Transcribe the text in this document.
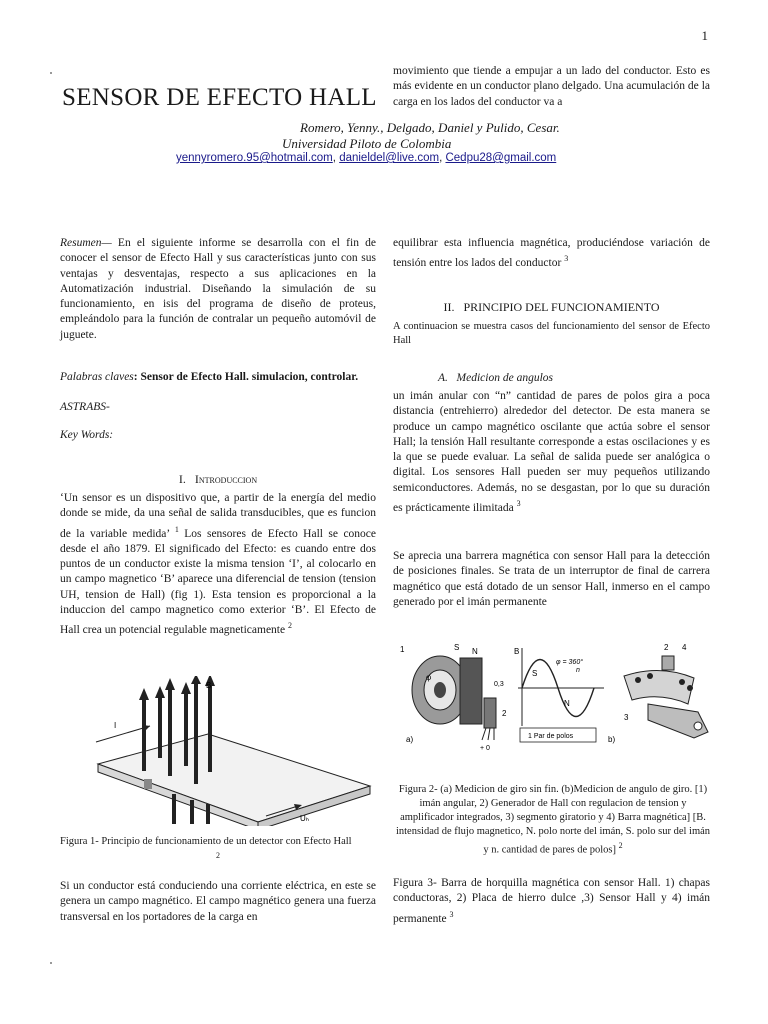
1
SENSOR DE EFECTO HALL
Romero, Yenny., Delgado, Daniel y Pulido, Cesar.
Universidad Piloto de Colombia
yennyromero.95@hotmail.com, danieldel@live.com, Cedpu28@gmail.com

movimiento que tiende a empujar a un lado del conductor. Esto es más evidente en un conductor plano delgado. Una acumulación de la carga en los lados del conductor va a

Resumen— En el siguiente informe se desarrolla con el fin de conocer el sensor de Efecto Hall y sus características junto con sus ventajas y desventajas, respecto a sus aplicaciones en la Automatización industrial. Diseñando la simulación de su funcionamiento, en isis del programa de diseño de proteus, empleándolo para la función de contralar un pequeño automóvil de juguete.

Palabras claves: Sensor de Efecto Hall. simulacion, controlar.

ASTRABS-

Key Words:

I. Introduccion

‘Un sensor es un dispositivo que, a partir de la energía del medio donde se mide, da una señal de salida transducibles, que es funcion de la variable medida’ $^1$ Los sensores de Efecto Hall se conoce desde el año 1879. El significado del Efecto: es cuando entre dos puntos de un conductor existe la misma tension ‘I’, al colocarlo en un campo magnetico ‘B’ aparece una diferencial de tension (tension UH, tension de Hall) (fig 1). Esta tension es proporcional a la induccion del campo magnetico como exterior ‘B’. El Efecto de Hall crea un potencial regulable magneticamente $^2$

I
B
Uₕ
Figura 1- Principio de funcionamiento de un detector con Efecto Hall
$^2$

Si un conductor está conduciendo una corriente eléctrica, en este se genera un campo magnético. El campo magnético genera una fuerza transversal en los portadores de la carga en

equilibrar esta influencia magnética, produciéndose variación de tensión entre los lados del conductor $^3$

II. PRINCIPIO DEL FUNCIONAMIENTO

A continuacion se muestra casos del funcionamiento del sensor de Efecto Hall

A. Medicion de angulos

un imán anular con “n” cantidad de pares de polos gira a poca distancia (entrehierro) alrededor del detector. De esta manera se produce un campo magnético oscilante que actúa sobre el sensor Hall; la tensión Hall resultante corresponde a estas oscilaciones y es la que se puede evaluar. La señal de salida puede ser analógica o digital. Los sensores Hall pueden ser muy pequeños utilizando semiconductores. Además, no se desgastan, por lo que su duración es prácticamente ilimitada $^3$

Se aprecia una barrera magnética con sensor Hall para la detección de posiciones finales. Se trata de un interruptor de final de carrera magnético que está dotado de un sensor Hall, inmerso en el campo generado por el imán permanente

1	S N
φ
0,3
2
+ 0
a)
B
S
N
φ = 360°
n
1 Par de polos
2 4
3
b)
Figura 2- (a) Medicion de giro sin fin. (b)Medicion de angulo de giro. [1) imán angular, 2) Generador de Hall con regulacion de tension y amplificador integrados, 3) segmento giratorio y 4) Barra magnética] [B. intensidad de flujo magnetico, N. polo norte del imán, S. polo sur del imán y n. cantidad de pares de polos] $^2$

Figura 3- Barra de horquilla magnética con sensor Hall. 1) chapas conductoras, 2) Placa de hierro dulce ,3) Sensor Hall y 4) imán permanente $^3$
